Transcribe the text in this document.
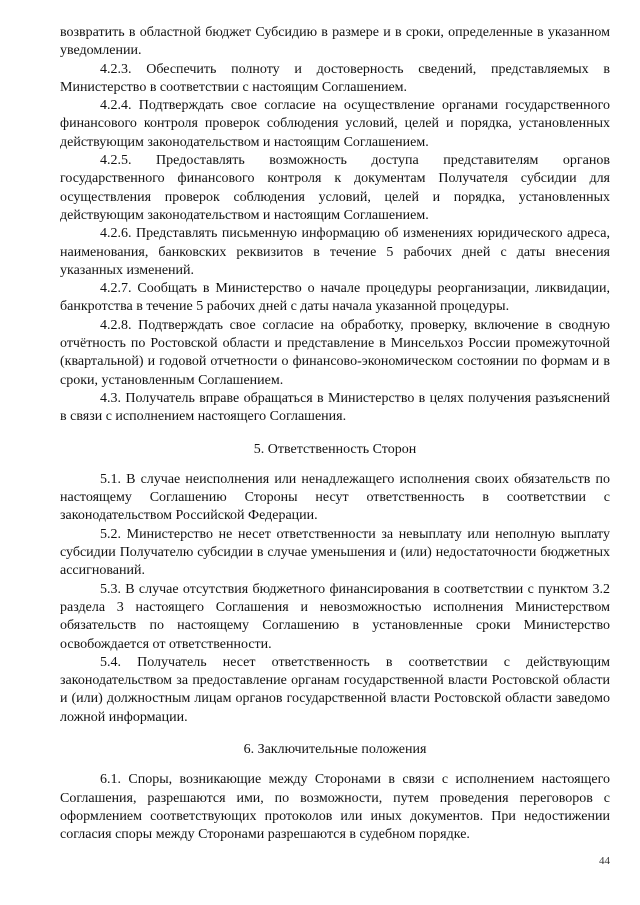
возвратить в областной бюджет Субсидию в размере и в сроки, определенные в указанном уведомлении.

4.2.3. Обеспечить полноту и достоверность сведений, представляемых в Министерство в соответствии с настоящим Соглашением.

4.2.4. Подтверждать свое согласие на осуществление органами государственного финансового контроля проверок соблюдения условий, целей и порядка, установленных действующим законодательством и настоящим Соглашением.

4.2.5. Предоставлять возможность доступа представителям органов государственного финансового контроля к документам Получателя субсидии для осуществления проверок соблюдения условий, целей и порядка, установленных действующим законодательством и настоящим Соглашением.

4.2.6. Представлять письменную информацию об изменениях юридического адреса, наименования, банковских реквизитов в течение 5 рабочих дней с даты внесения указанных изменений.

4.2.7. Сообщать в Министерство о начале процедуры реорганизации, ликвидации, банкротства в течение 5 рабочих дней с даты начала указанной процедуры.

4.2.8. Подтверждать свое согласие на обработку, проверку, включение в сводную отчётность по Ростовской области и представление в Минсельхоз России промежуточной (квартальной) и годовой отчетности о финансово-экономическом состоянии по формам и в сроки, установленным Соглашением.

4.3. Получатель вправе обращаться в Министерство в целях получения разъяснений в связи с исполнением настоящего Соглашения.

5. Ответственность Сторон

5.1. В случае неисполнения или ненадлежащего исполнения своих обязательств по настоящему Соглашению Стороны несут ответственность в соответствии с законодательством Российской Федерации.

5.2. Министерство не несет ответственности за невыплату или неполную выплату субсидии Получателю субсидии в случае уменьшения и (или) недостаточности бюджетных ассигнований.

5.3. В случае отсутствия бюджетного финансирования в соответствии с пунктом 3.2 раздела 3 настоящего Соглашения и невозможностью исполнения Министерством обязательств по настоящему Соглашению в установленные сроки Министерство освобождается от ответственности.

5.4. Получатель несет ответственность в соответствии с действующим законодательством за предоставление органам государственной власти Ростовской области и (или) должностным лицам органов государственной власти Ростовской области заведомо ложной информации.

6. Заключительные положения

6.1. Споры, возникающие между Сторонами в связи с исполнением настоящего Соглашения, разрешаются ими, по возможности, путем проведения переговоров с оформлением соответствующих протоколов или иных документов. При недостижении согласия споры между Сторонами разрешаются в судебном порядке.

44
